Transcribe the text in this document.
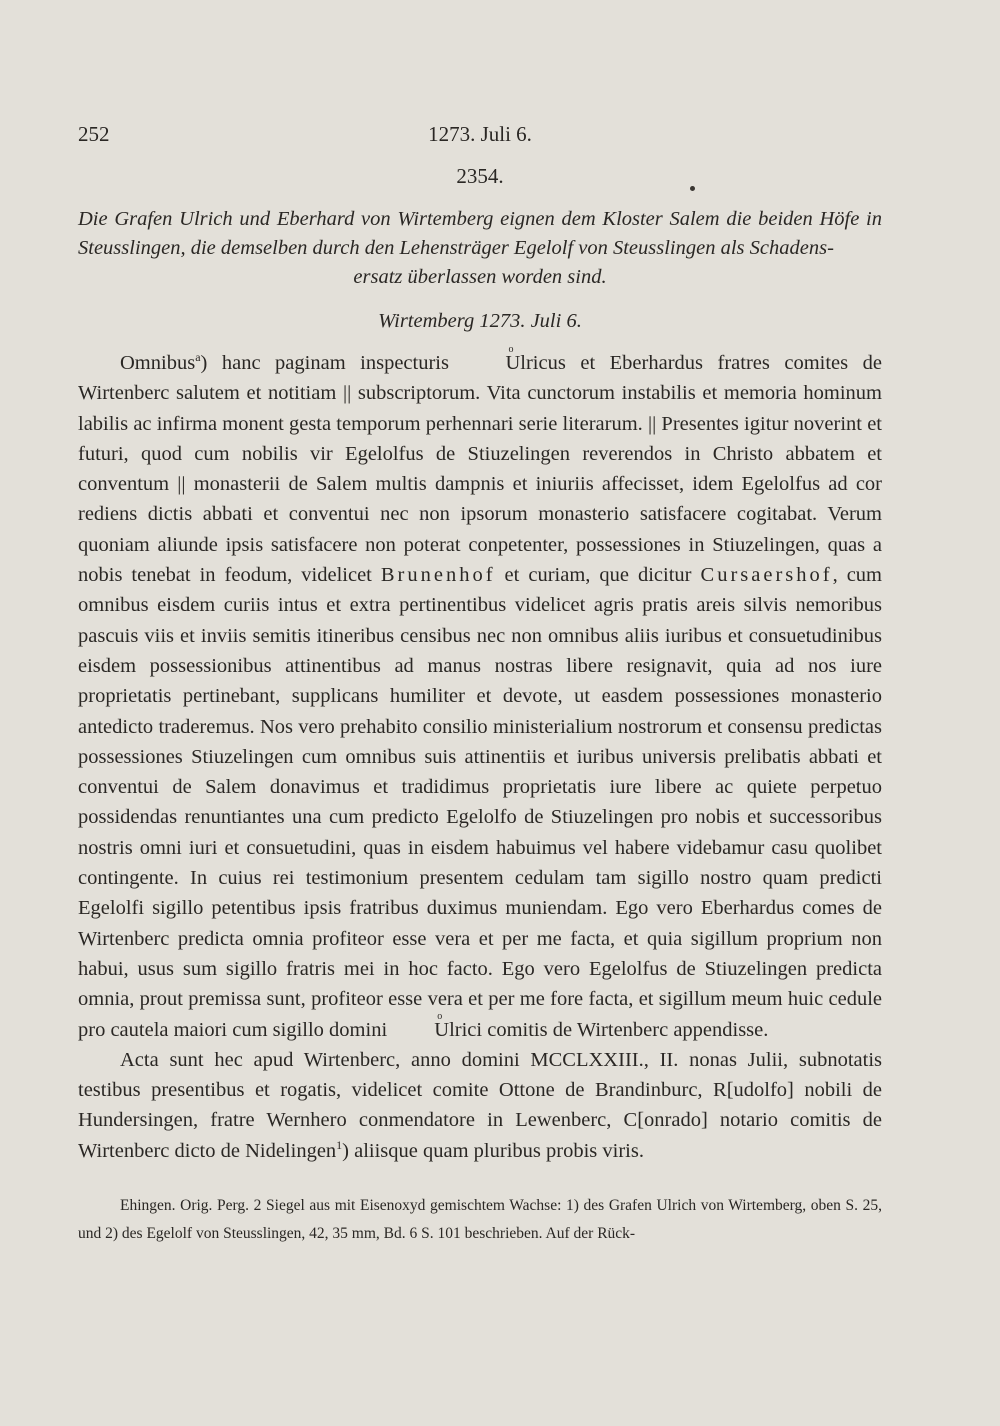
252	1273. Juli 6.
2354.
Die Grafen Ulrich und Eberhard von Wirtemberg eignen dem Kloster Salem die beiden Höfe in Steusslingen, die demselben durch den Lehensträger Egelolf von Steusslingen als Schadens-
ersatz überlassen worden sind.
Wirtemberg 1273. Juli 6.

Omnibus$^a$) hanc paginam inspecturis o Ulricus et Eberhardus fratres comites de Wirtenberc salutem et notitiam || subscriptorum. Vita cunctorum instabilis et memoria hominum labilis ac infirma monent gesta temporum perhennari serie literarum. || Presentes igitur noverint et futuri, quod cum nobilis vir Egelolfus de Stiuzelingen reverendos in Christo abbatem et conventum || monasterii de Salem multis dampnis et iniuriis affecisset, idem Egelolfus ad cor rediens dictis abbati et conventui nec non ipsorum monasterio satisfacere cogitabat. Verum quoniam aliunde ipsis satisfacere non poterat conpetenter, possessiones in Stiuzelingen, quas a nobis tenebat in feodum, videlicet Brunenhof et curiam, que dicitur Cursaershof, cum omnibus eisdem curiis intus et extra pertinentibus videlicet agris pratis areis silvis nemoribus pascuis viis et inviis semitis itineribus censibus nec non omnibus aliis iuribus et consuetudinibus eisdem possessionibus attinentibus ad manus nostras libere resignavit, quia ad nos iure proprietatis pertinebant, supplicans humiliter et devote, ut easdem possessiones monasterio antedicto traderemus. Nos vero prehabito consilio ministerialium nostrorum et consensu predictas possessiones Stiuzelingen cum omnibus suis attinentiis et iuribus universis prelibatis abbati et conventui de Salem donavimus et tradidimus proprietatis iure libere ac quiete perpetuo possidendas renuntiantes una cum predicto Egelolfo de Stiuzelingen pro nobis et successoribus nostris omni iuri et consuetudini, quas in eisdem habuimus vel habere videbamur casu quolibet contingente. In cuius rei testimonium presentem cedulam tam sigillo nostro quam predicti Egelolfi sigillo petentibus ipsis fratribus duximus muniendam. Ego vero Eberhardus comes de Wirtenberc predicta omnia profiteor esse vera et per me facta, et quia sigillum proprium non habui, usus sum sigillo fratris mei in hoc facto. Ego vero Egelolfus de Stiuzelingen predicta omnia, prout premissa sunt, profiteor esse vera et per me fore facta, et sigillum meum huic cedule pro cautela maiori cum sigillo domini o Ulrici comitis de Wirtenberc appendisse.

Acta sunt hec apud Wirtenberc, anno domini MCCLXXIII., II. nonas Julii, subnotatis testibus presentibus et rogatis, videlicet comite Ottone de Brandinburc, R[udolfo] nobili de Hundersingen, fratre Wernhero conmendatore in Lewenberc, C[onrado] notario comitis de Wirtenberc dicto de Nidelingen$^1$) aliisque quam pluribus probis viris.

Ehingen. Orig. Perg. 2 Siegel aus mit Eisenoxyd gemischtem Wachse: 1) des Grafen Ulrich von Wirtemberg, oben S. 25, und 2) des Egelolf von Steusslingen, 42, 35 mm, Bd. 6 S. 101 beschrieben. Auf der Rück-
